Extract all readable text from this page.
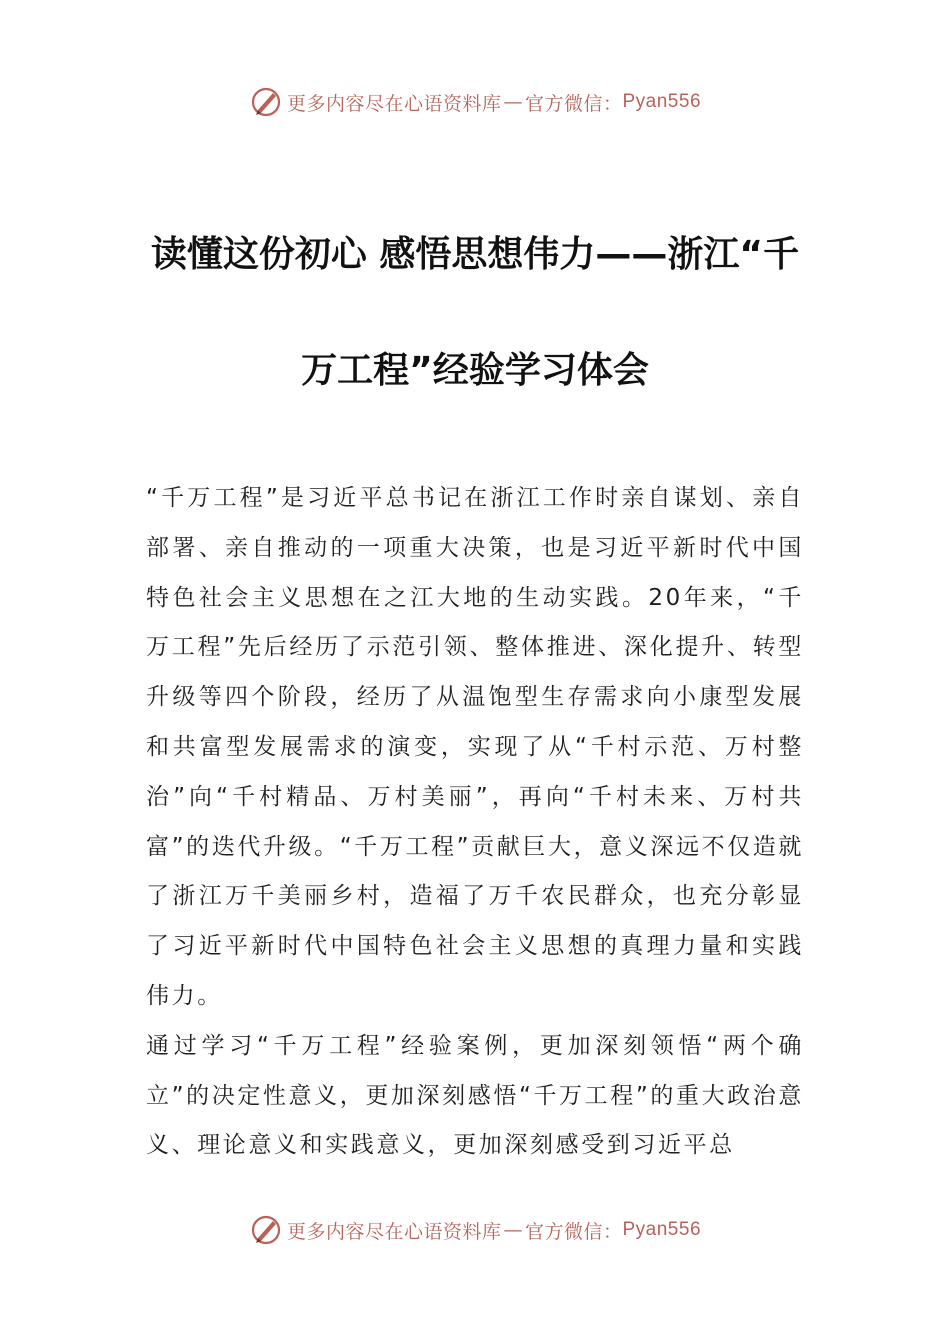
更多内容尽在心语资料库 — 官方微信： Pyan556
读懂这份初心 感悟思想伟力——浙江“千
万工程”经验学习体会

“千万工程”是习近平总书记在浙江工作时亲自谋划、亲自部署、亲自推动的一项重大决策，也是习近平新时代中国特色社会主义思想在之江大地的生动实践。20年来，“千万工程”先后经历了示范引领、整体推进、深化提升、转型升级等四个阶段，经历了从温饱型生存需求向小康型发展和共富型发展需求的演变，实现了从“千村示范、万村整治”向“千村精品、万村美丽”，再向“千村未来、万村共富”的迭代升级。“千万工程”贡献巨大，意义深远不仅造就了浙江万千美丽乡村，造福了万千农民群众，也充分彰显了习近平新时代中国特色社会主义思想的真理力量和实践伟力。

通过学习“千万工程”经验案例，更加深刻领悟“两个确立”的决定性意义，更加深刻感悟“千万工程”的重大政治意义、理论意义和实践意义，更加深刻感受到习近平总

更多内容尽在心语资料库 — 官方微信： Pyan556
